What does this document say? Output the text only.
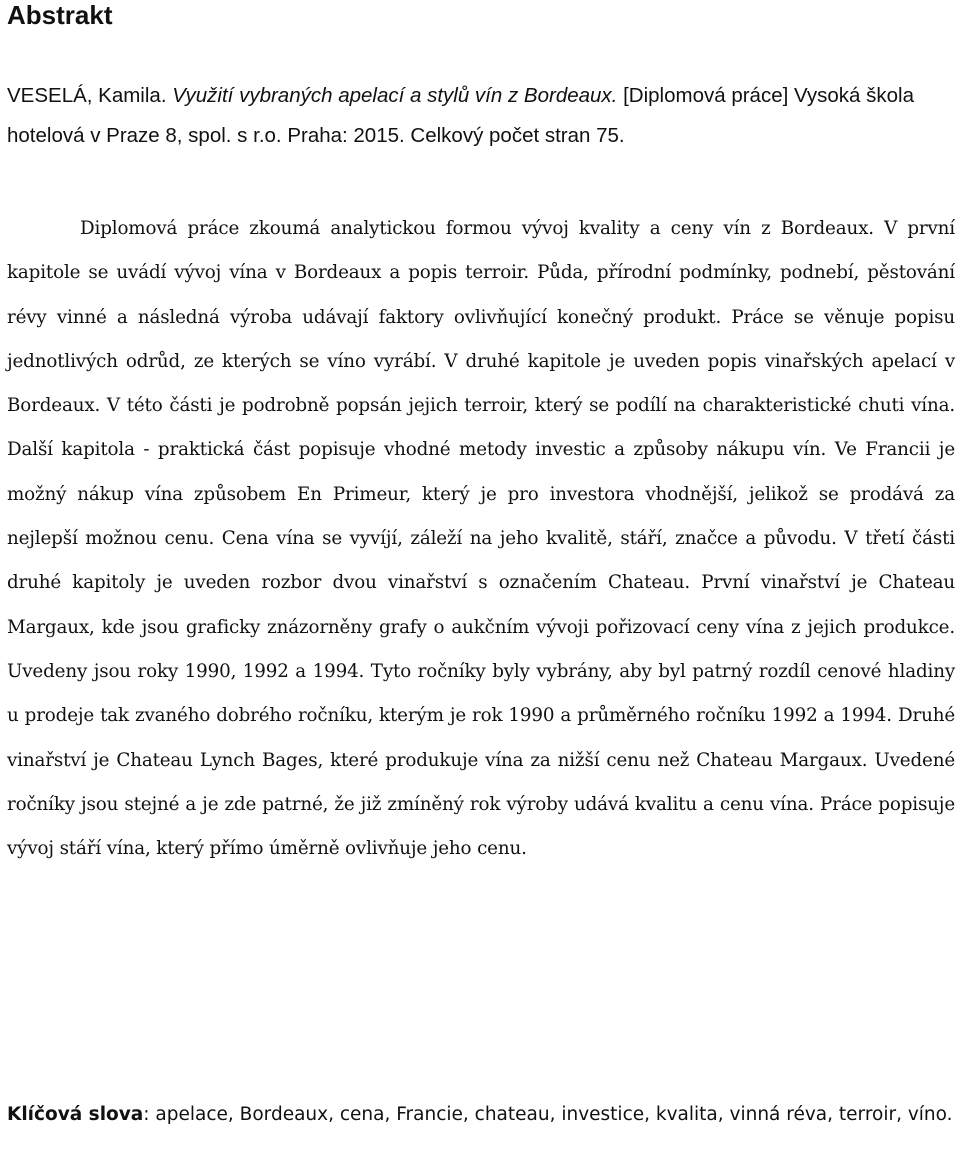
Abstrakt

VESELÁ, Kamila. Využití vybraných apelací a stylů vín z Bordeaux. [Diplomová práce] Vysoká škola hotelová v Praze 8, spol. s r.o. Praha: 2015. Celkový počet stran 75.

Diplomová práce zkoumá analytickou formou vývoj kvality a ceny vín z Bordeaux. V první kapitole se uvádí vývoj vína v Bordeaux a popis terroir. Půda, přírodní podmínky, podnebí, pěstování révy vinné a následná výroba udávají faktory ovlivňující konečný produkt. Práce se věnuje popisu jednotlivých odrůd, ze kterých se víno vyrábí. V druhé kapitole je uveden popis vinařských apelací v Bordeaux. V této části je podrobně popsán jejich terroir, který se podílí na charakteristické chuti vína. Další kapitola - praktická část popisuje vhodné metody investic a způsoby nákupu vín. Ve Francii je možný nákup vína způsobem En Primeur, který je pro investora vhodnější, jelikož se prodává za nejlepší možnou cenu. Cena vína se vyvíjí, záleží na jeho kvalitě, stáří, značce a původu. V třetí části druhé kapitoly je uveden rozbor dvou vinařství s označením Chateau. První vinařství je Chateau Margaux, kde jsou graficky znázorněny grafy o aukčním vývoji pořizovací ceny vína z jejich produkce. Uvedeny jsou roky 1990, 1992 a 1994. Tyto ročníky byly vybrány, aby byl patrný rozdíl cenové hladiny u prodeje tak zvaného dobrého ročníku, kterým je rok 1990 a průměrného ročníku 1992 a 1994. Druhé vinařství je Chateau Lynch Bages, které produkuje vína za nižší cenu než Chateau Margaux. Uvedené ročníky jsou stejné a je zde patrné, že již zmíněný rok výroby udává kvalitu a cenu vína. Práce popisuje vývoj stáří vína, který přímo úměrně ovlivňuje jeho cenu.

Klíčová slova: apelace, Bordeaux, cena, Francie, chateau, investice, kvalita, vinná réva, terroir, víno.
